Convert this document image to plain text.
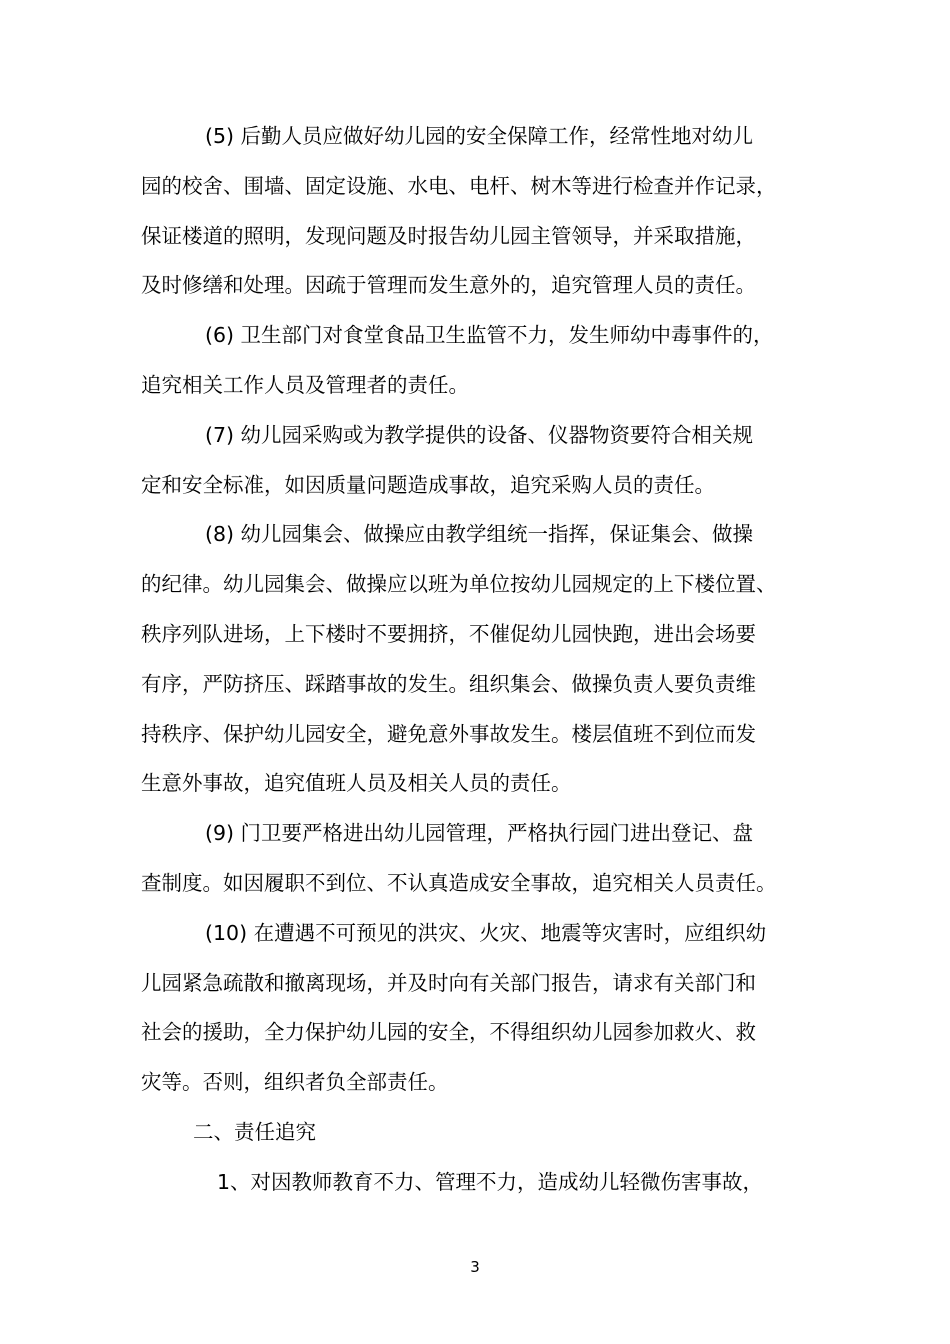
(5) 后勤人员应做好幼儿园的安全保障工作，经常性地对幼儿
园的校舍、围墙、固定设施、水电、电杆、树木等进行检查并作记录，
保证楼道的照明，发现问题及时报告幼儿园主管领导，并采取措施，
及时修缮和处理。因疏于管理而发生意外的，追究管理人员的责任。

(6) 卫生部门对食堂食品卫生监管不力，发生师幼中毒事件的，
追究相关工作人员及管理者的责任。

(7) 幼儿园采购或为教学提供的设备、仪器物资要符合相关规
定和安全标准，如因质量问题造成事故，追究采购人员的责任。

(8) 幼儿园集会、做操应由教学组统一指挥，保证集会、做操
的纪律。幼儿园集会、做操应以班为单位按幼儿园规定的上下楼位置、
秩序列队进场，上下楼时不要拥挤，不催促幼儿园快跑，进出会场要
有序，严防挤压、踩踏事故的发生。组织集会、做操负责人要负责维
持秩序、保护幼儿园安全，避免意外事故发生。楼层值班不到位而发
生意外事故，追究值班人员及相关人员的责任。

(9) 门卫要严格进出幼儿园管理，严格执行园门进出登记、盘
查制度。如因履职不到位、不认真造成安全事故，追究相关人员责任。

(10) 在遭遇不可预见的洪灾、火灾、地震等灾害时，应组织幼
儿园紧急疏散和撤离现场，并及时向有关部门报告，请求有关部门和
社会的援助，全力保护幼儿园的安全，不得组织幼儿园参加救火、救
灾等。否则，组织者负全部责任。

二、责任追究

1、对因教师教育不力、管理不力，造成幼儿轻微伤害事故，

3
